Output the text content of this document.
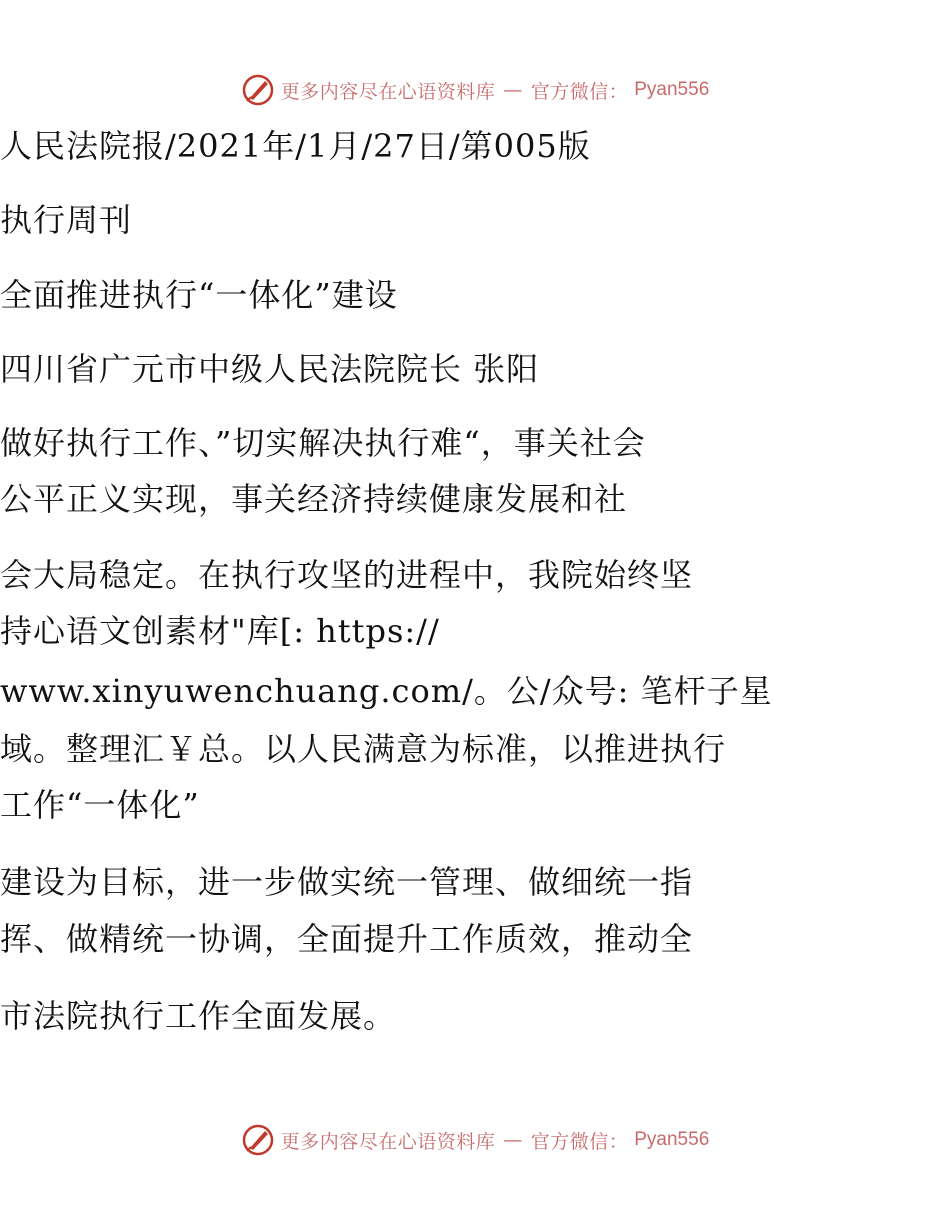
更多内容尽在心语资料库 — 官方微信： Pyan556
人民法院报/2021年/1月/27日/第005版
执行周刊
全面推进执行“一体化”建设
四川省广元市中级人民法院院长 张阳
做好执行工作、”切实解决执行难“，事关社会
公平正义实现，事关经济持续健康发展和社
会大局稳定。在执行攻坚的进程中，我院始终坚
持心语文创素材"库[: https://
www.xinyuwenchuang.com/。公/众号: 笔杆子星
域。整理汇￥总。以人民满意为标准，以推进执行
工作“一体化”
建设为目标，进一步做实统一管理、做细统一指
挥、做精统一协调，全面提升工作质效，推动全
市法院执行工作全面发展。
更多内容尽在心语资料库 — 官方微信： Pyan556
